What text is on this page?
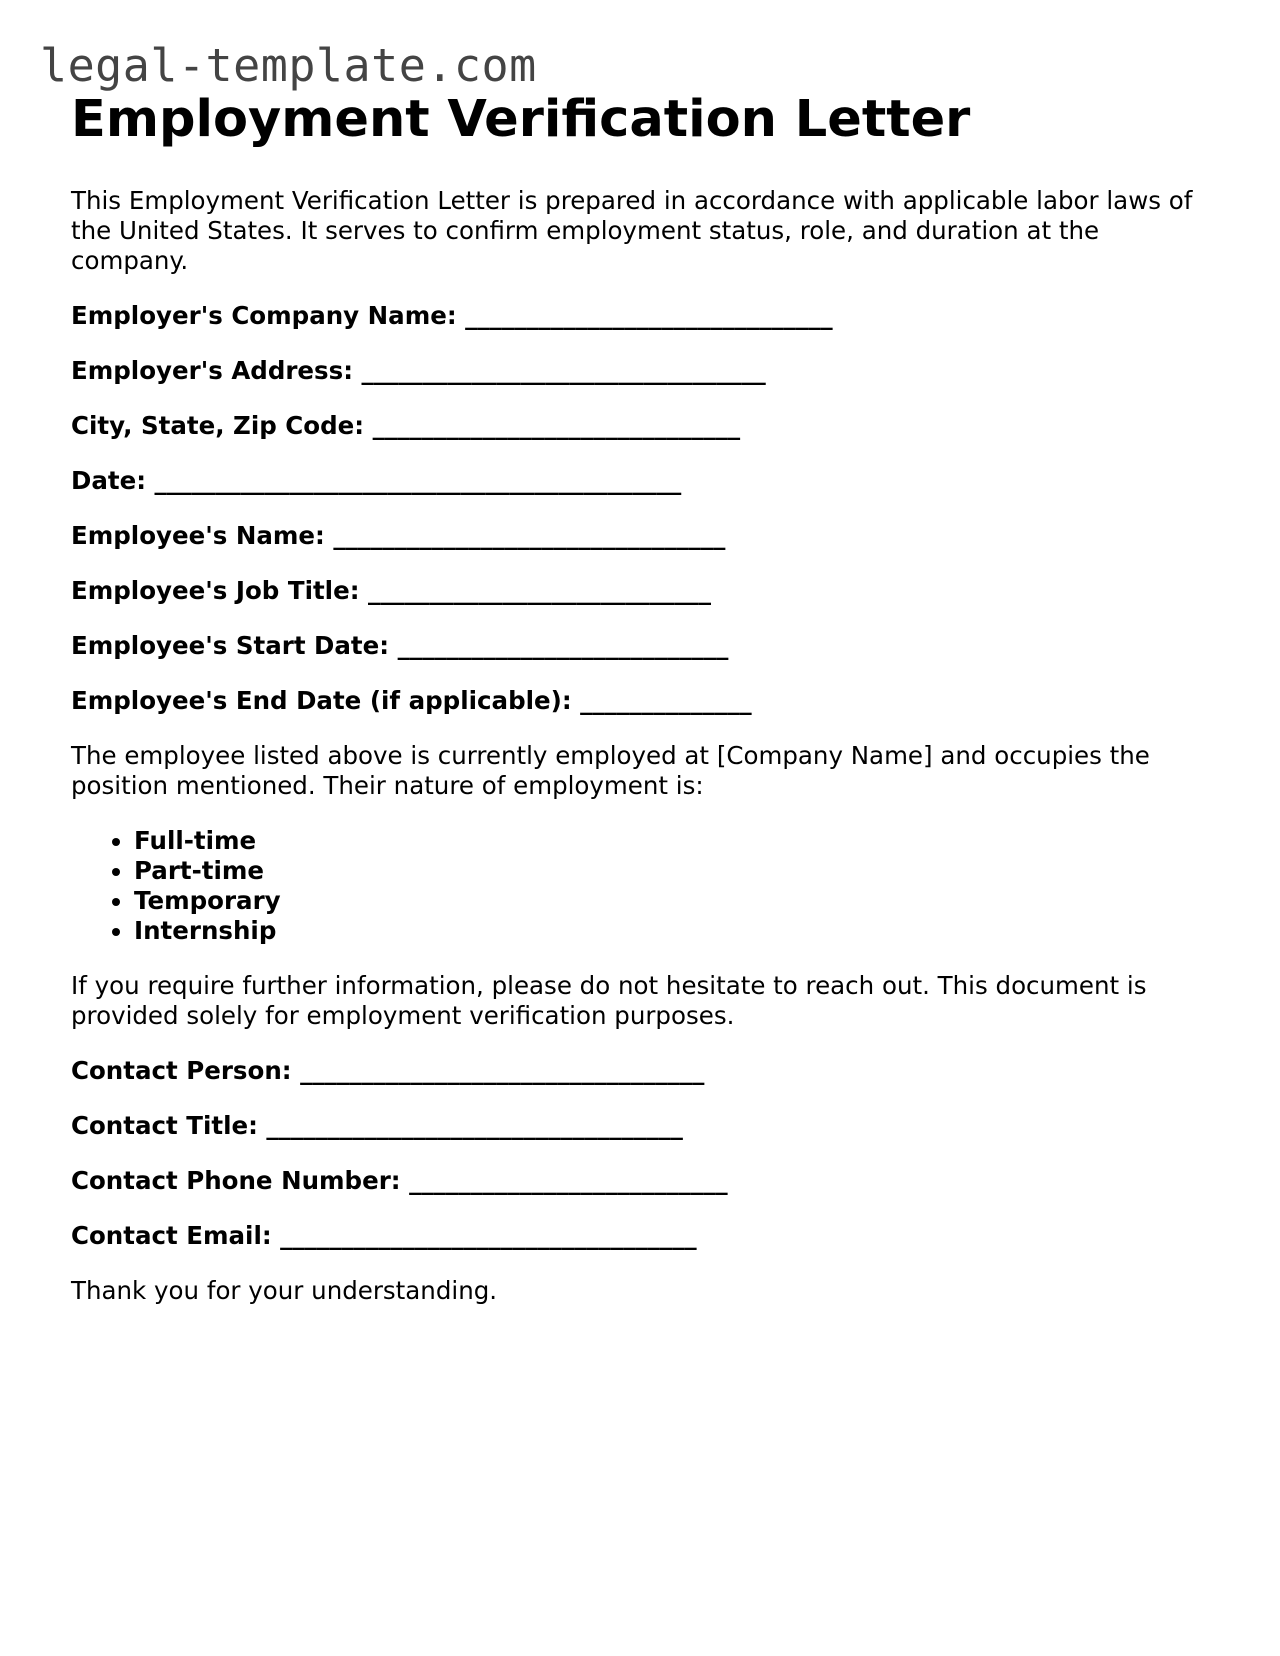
legal-template.com
Employment Verification Letter

This Employment Verification Letter is prepared in accordance with applicable labor laws of the United States. It serves to confirm employment status, role, and duration at the company.

Employer's Company Name: ______________________________

Employer's Address: _________________________________

City, State, Zip Code: ______________________________

Date: ___________________________________________

Employee's Name: ________________________________

Employee's Job Title: ____________________________

Employee's Start Date: ___________________________

Employee's End Date (if applicable): ______________

The employee listed above is currently employed at [Company Name] and occupies the position mentioned. Their nature of employment is:

• Full-time
• Part-time
• Temporary
• Internship

If you require further information, please do not hesitate to reach out. This document is provided solely for employment verification purposes.

Contact Person: _________________________________

Contact Title: __________________________________

Contact Phone Number: __________________________

Contact Email: __________________________________

Thank you for your understanding.
